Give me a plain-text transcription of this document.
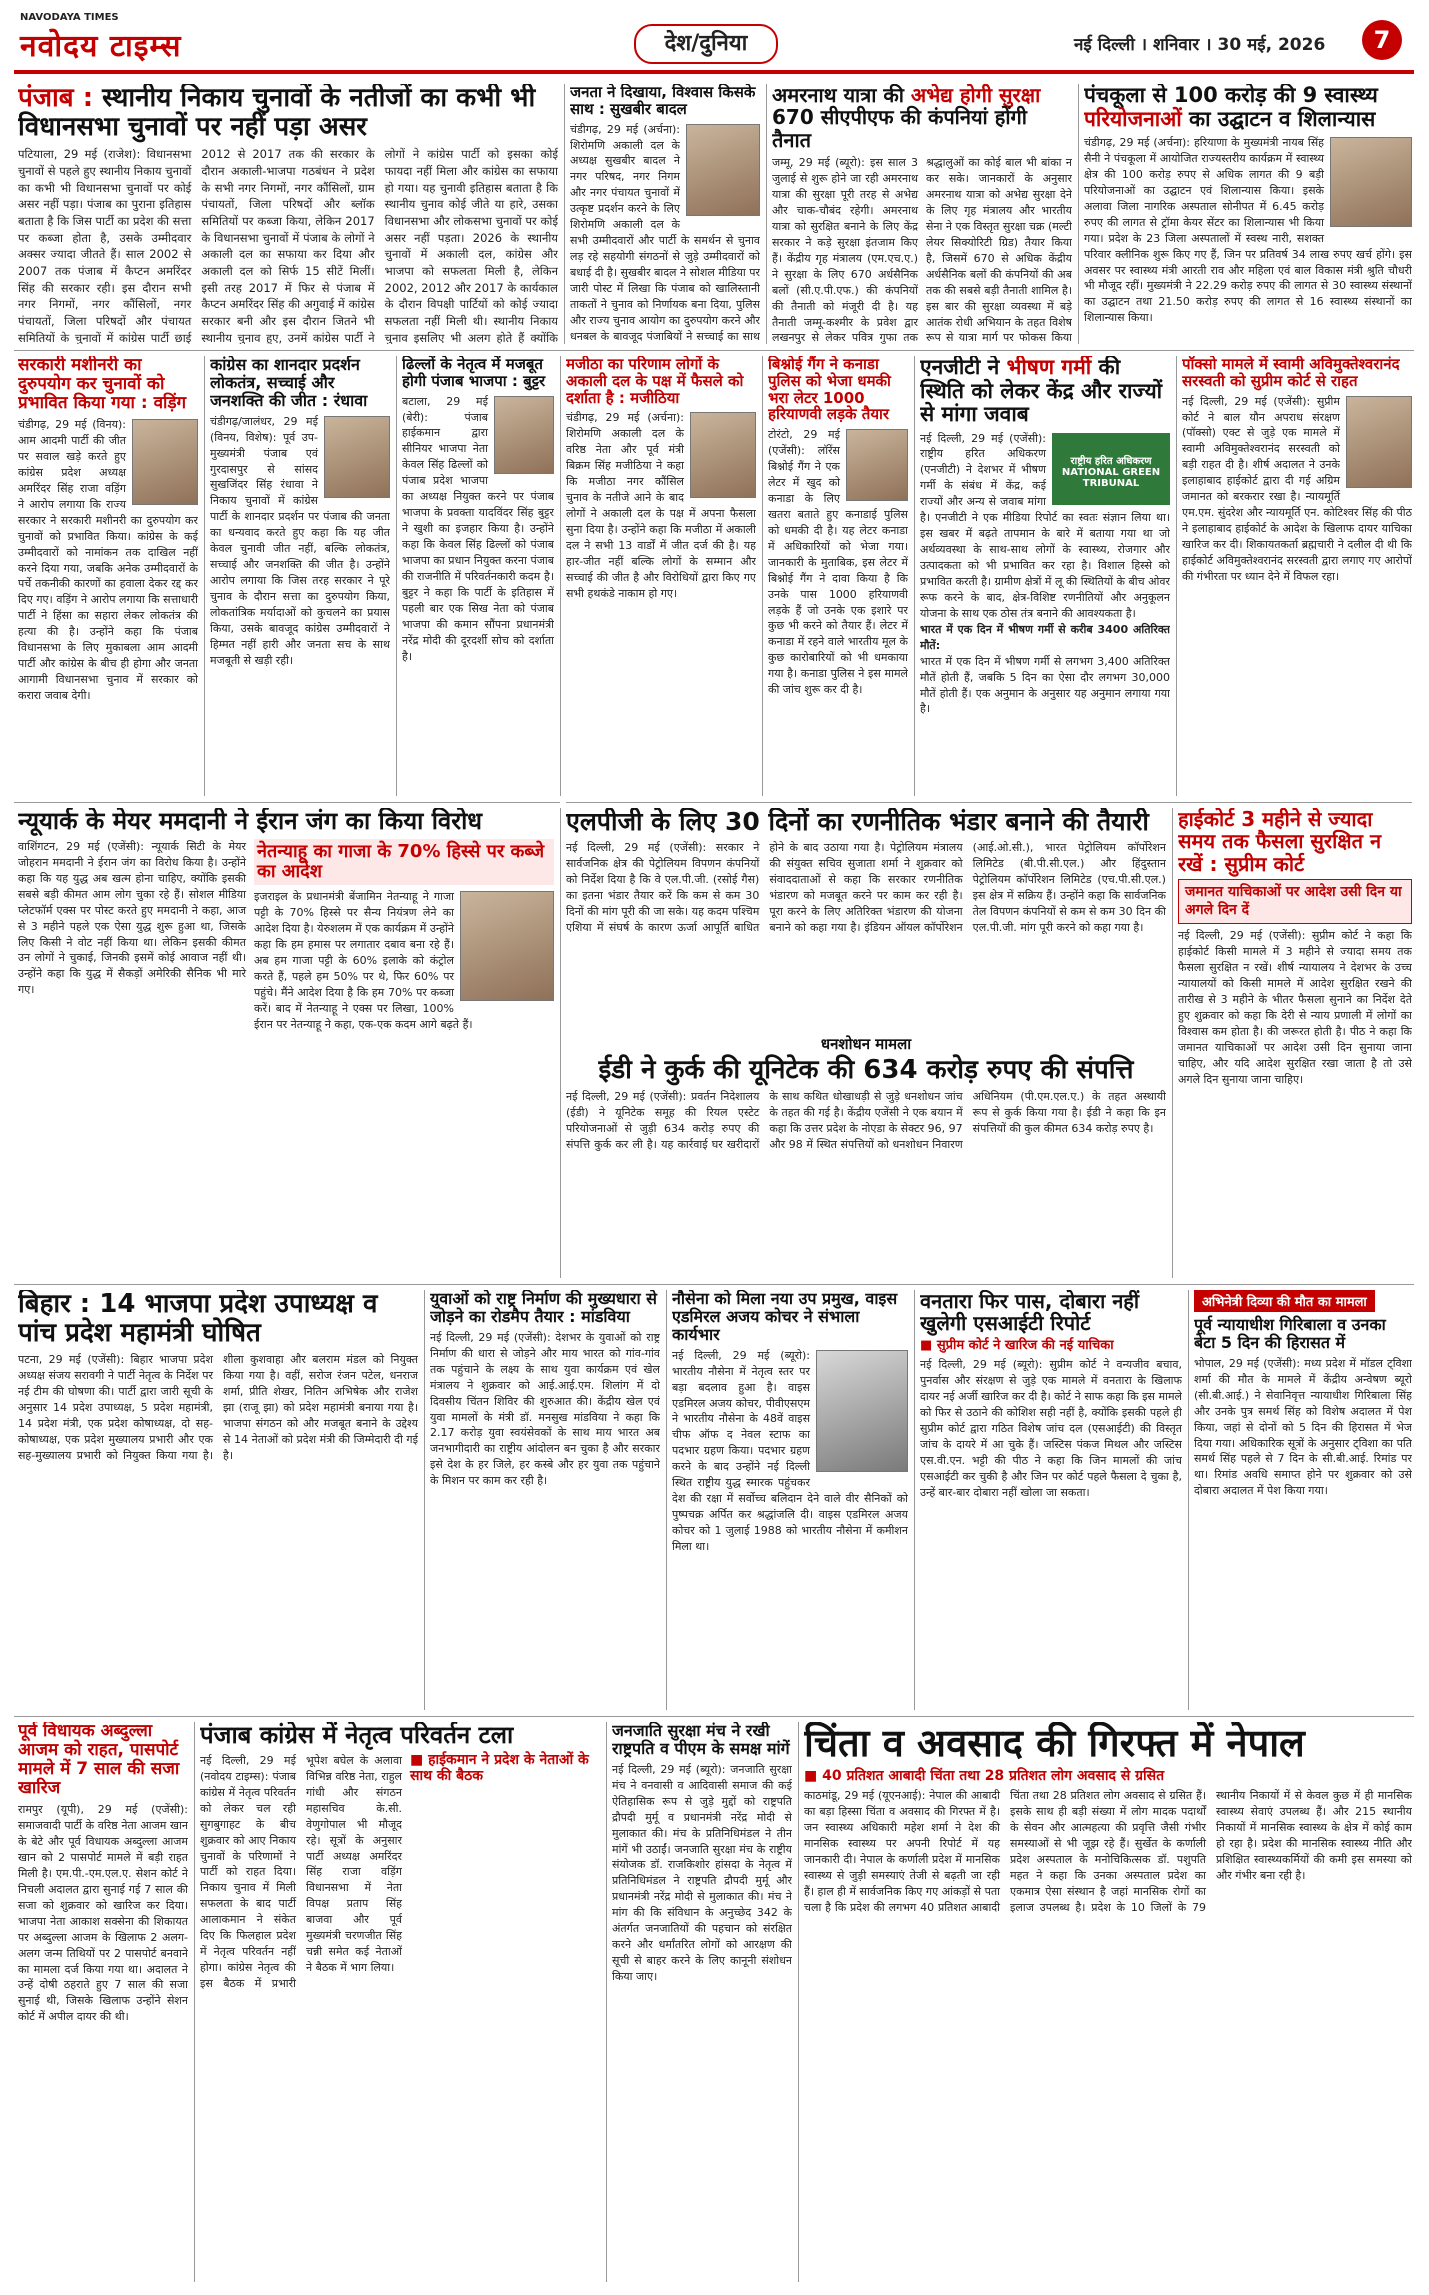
NAVODAYA TIMES
नवोदय टाइम्स	देश/दुनिया	नई दिल्ली । शनिवार । 30 मई, 2026	7
पंजाब : स्थानीय निकाय चुनावों के नतीजों का कभी भी विधानसभा चुनावों पर नहीं पड़ा असर
पटियाला, 29 मई (राजेश): विधानसभा चुनावों से पहले हुए स्थानीय निकाय चुनावों का कभी भी विधानसभा चुनावों पर कोई असर नहीं पड़ा। पंजाब का पुराना इतिहास बताता है कि जिस पार्टी का प्रदेश की सत्ता पर कब्जा होता है, उसके उम्मीदवार अक्सर ज्यादा जीतते हैं। साल 2002 से 2007 तक पंजाब में कैप्टन अमरिंदर सिंह की सरकार रही। इस दौरान सभी नगर निगमों, नगर कौंसिलों, नगर पंचायतों, जिला परिषदों और पंचायत समितियों के चुनावों में कांग्रेस पार्टी छाई 2012 से 2017 तक की सरकार के दौरान अकाली-भाजपा गठबंधन ने प्रदेश के सभी नगर निगमों, नगर कौंसिलों, ग्राम पंचायतों, जिला परिषदों और ब्लॉक समितियों पर कब्जा किया, लेकिन 2017 के विधानसभा चुनावों में पंजाब के लोगों ने अकाली दल का सफाया कर दिया और अकाली दल को सिर्फ 15 सीटें मिलीं। इसी तरह 2017 में फिर से पंजाब में कैप्टन अमरिंदर सिंह की अगुवाई में कांग्रेस सरकार बनी और इस दौरान जितने भी स्थानीय चुनाव हुए, उनमें कांग्रेस पार्टी ने लोगों ने कांग्रेस पार्टी को इसका कोई फायदा नहीं मिला और कांग्रेस का सफाया हो गया। यह चुनावी इतिहास बताता है कि स्थानीय चुनाव कोई जीते या हारे, उसका विधानसभा और लोकसभा चुनावों पर कोई असर नहीं पड़ता। 2026 के स्थानीय चुनावों में अकाली दल, कांग्रेस और भाजपा को सफलता मिली है, लेकिन 2002, 2012 और 2017 के कार्यकाल के दौरान विपक्षी पार्टियों को कोई ज्यादा सफलता नहीं मिली थी। स्थानीय निकाय चुनाव इसलिए भी अलग होते हैं क्योंकि
जनता ने दिखाया, विश्वास किसके साथ : सुखबीर बादल
चंडीगढ़, 29 मई (अर्चना): शिरोमणि अकाली दल के अध्यक्ष सुखबीर बादल ने नगर परिषद, नगर निगम और नगर पंचायत चुनावों में उत्कृष्ट प्रदर्शन करने के लिए शिरोमणि अकाली दल के सभी उम्मीदवारों और पार्टी के समर्थन से चुनाव लड़ रहे सहयोगी संगठनों से जुड़े उम्मीदवारों को बधाई दी है। सुखबीर बादल ने सोशल मीडिया पर जारी पोस्ट में लिखा कि पंजाब को खालिस्तानी ताकतों ने चुनाव को निर्णायक बना दिया, पुलिस और राज्य चुनाव आयोग का दुरुपयोग करने और धनबल के बावजूद पंजाबियों ने सच्चाई का साथ
अमरनाथ यात्रा की अभेद्य होगी सुरक्षा 670 सीएपीएफ की कंपनियां होंगी तैनात
जम्मू, 29 मई (ब्यूरो): इस साल 3 जुलाई से शुरू होने जा रही अमरनाथ यात्रा की सुरक्षा पूरी तरह से अभेद्य और चाक-चौबंद रहेगी। अमरनाथ यात्रा को सुरक्षित बनाने के लिए केंद्र सरकार ने कड़े सुरक्षा इंतजाम किए हैं। केंद्रीय गृह मंत्रालय (एम.एच.ए.) ने सुरक्षा के लिए 670 अर्धसैनिक बलों (सी.ए.पी.एफ.) की कंपनियों की तैनाती को मंजूरी दी है। यह तैनाती जम्मू-कश्मीर के प्रवेश द्वार लखनपुर से लेकर पवित्र गुफा तक श्रद्धालुओं का कोई बाल भी बांका न कर सके। जानकारों के अनुसार अमरनाथ यात्रा को अभेद्य सुरक्षा देने के लिए गृह मंत्रालय और भारतीय सेना ने एक विस्तृत सुरक्षा चक्र (मल्टी लेयर सिक्योरिटी ग्रिड) तैयार किया है, जिसमें 670 से अधिक केंद्रीय अर्धसैनिक बलों की कंपनियों की अब तक की सबसे बड़ी तैनाती शामिल है। इस बार की सुरक्षा व्यवस्था में बड़े आतंक रोधी अभियान के तहत विशेष रूप से यात्रा मार्ग पर फोकस किया
पंचकूला से 100 करोड़ की 9 स्वास्थ्य परियोजनाओं का उद्घाटन व शिलान्यास
चंडीगढ़, 29 मई (अर्चना): हरियाणा के मुख्यमंत्री नायब सिंह सैनी ने पंचकूला में आयोजित राज्यस्तरीय कार्यक्रम में स्वास्थ्य क्षेत्र की 100 करोड़ रुपए से अधिक लागत की 9 बड़ी परियोजनाओं का उद्घाटन एवं शिलान्यास किया। इसके अलावा जिला नागरिक अस्पताल सोनीपत में 6.45 करोड़ रुपए की लागत से ट्रॉमा केयर सेंटर का शिलान्यास भी किया गया। प्रदेश के 23 जिला अस्पतालों में स्वस्थ नारी, सशक्त परिवार क्लीनिक शुरू किए गए हैं, जिन पर प्रतिवर्ष 34 लाख रुपए खर्च होंगे। इस अवसर पर स्वास्थ्य मंत्री आरती राव और महिला एवं बाल विकास मंत्री श्रुति चौधरी भी मौजूद रहीं। मुख्यमंत्री ने 22.29 करोड़ रुपए की लागत से 30 स्वास्थ्य संस्थानों का उद्घाटन तथा 21.50 करोड़ रुपए की लागत से 16 स्वास्थ्य संस्थानों का शिलान्यास किया।
सरकारी मशीनरी का दुरुपयोग कर चुनावों को प्रभावित किया गया : वड़िंग
चंडीगढ़, 29 मई (विनय): आम आदमी पार्टी की जीत पर सवाल खड़े करते हुए कांग्रेस प्रदेश अध्यक्ष अमरिंदर सिंह राजा वड़िंग ने आरोप लगाया कि राज्य सरकार ने सरकारी मशीनरी का दुरुपयोग कर चुनावों को प्रभावित किया। कांग्रेस के कई उम्मीदवारों को नामांकन तक दाखिल नहीं करने दिया गया, जबकि अनेक उम्मीदवारों के पर्चे तकनीकी कारणों का हवाला देकर रद्द कर दिए गए। वड़िंग ने आरोप लगाया कि सत्ताधारी पार्टी ने हिंसा का सहारा लेकर लोकतंत्र की हत्या की है। उन्होंने कहा कि पंजाब विधानसभा के लिए मुकाबला आम आदमी पार्टी और कांग्रेस के बीच ही होगा और जनता आगामी विधानसभा चुनाव में सरकार को करारा जवाब देगी।
कांग्रेस का शानदार प्रदर्शन लोकतंत्र, सच्चाई और जनशक्ति की जीत : रंधावा
चंडीगढ़/जालंधर, 29 मई (विनय, विशेष): पूर्व उप-मुख्यमंत्री पंजाब एवं गुरदासपुर से सांसद सुखजिंदर सिंह रंधावा ने निकाय चुनावों में कांग्रेस पार्टी के शानदार प्रदर्शन पर पंजाब की जनता का धन्यवाद करते हुए कहा कि यह जीत केवल चुनावी जीत नहीं, बल्कि लोकतंत्र, सच्चाई और जनशक्ति की जीत है। उन्होंने आरोप लगाया कि जिस तरह सरकार ने पूरे चुनाव के दौरान सत्ता का दुरुपयोग किया, लोकतांत्रिक मर्यादाओं को कुचलने का प्रयास किया, उसके बावजूद कांग्रेस उम्मीदवारों ने हिम्मत नहीं हारी और जनता सच के साथ मजबूती से खड़ी रही।
ढिल्लों के नेतृत्व में मजबूत होगी पंजाब भाजपा : बुट्टर
बटाला, 29 मई (बेरी): पंजाब हाईकमान द्वारा सीनियर भाजपा नेता केवल सिंह ढिल्लों को पंजाब प्रदेश भाजपा का अध्यक्ष नियुक्त करने पर पंजाब भाजपा के प्रवक्ता यादविंदर सिंह बुट्टर ने खुशी का इजहार किया है। उन्होंने कहा कि केवल सिंह ढिल्लों को पंजाब भाजपा का प्रधान नियुक्त करना पंजाब की राजनीति में परिवर्तनकारी कदम है। बुट्टर ने कहा कि पार्टी के इतिहास में पहली बार एक सिख नेता को पंजाब भाजपा की कमान सौंपना प्रधानमंत्री नरेंद्र मोदी की दूरदर्शी सोच को दर्शाता है।
मजीठा का परिणाम लोगों के अकाली दल के पक्ष में फैसले को दर्शाता है : मजीठिया
चंडीगढ़, 29 मई (अर्चना): शिरोमणि अकाली दल के वरिष्ठ नेता और पूर्व मंत्री बिक्रम सिंह मजीठिया ने कहा कि मजीठा नगर कौंसिल चुनाव के नतीजे आने के बाद लोगों ने अकाली दल के पक्ष में अपना फैसला सुना दिया है। उन्होंने कहा कि मजीठा में अकाली दल ने सभी 13 वार्डों में जीत दर्ज की है। यह हार-जीत नहीं बल्कि लोगों के सम्मान और सच्चाई की जीत है और विरोधियों द्वारा किए गए सभी हथकंडे नाकाम हो गए।
बिश्नोई गैंग ने कनाडा पुलिस को भेजा धमकी भरा लेटर 1000 हरियाणवी लड़के तैयार
टोरंटो, 29 मई (एजेंसी): लॉरेंस बिश्नोई गैंग ने एक लेटर में खुद को कनाडा के लिए खतरा बताते हुए कनाडाई पुलिस को धमकी दी है। यह लेटर कनाडा में अधिकारियों को भेजा गया। जानकारी के मुताबिक, इस लेटर में बिश्नोई गैंग ने दावा किया है कि उनके पास 1000 हरियाणवी लड़के हैं जो उनके एक इशारे पर कुछ भी करने को तैयार हैं। लेटर में कनाडा में रहने वाले भारतीय मूल के कुछ कारोबारियों को भी धमकाया गया है। कनाडा पुलिस ने इस मामले की जांच शुरू कर दी है।
एनजीटी ने भीषण गर्मी की स्थिति को लेकर केंद्र और राज्यों से मांगा जवाब
राष्ट्रीय हरित अधिकरण NATIONAL GREEN TRIBUNAL
नई दिल्ली, 29 मई (एजेंसी): राष्ट्रीय हरित अधिकरण (एनजीटी) ने देशभर में भीषण गर्मी के संबंध में केंद्र, कई राज्यों और अन्य से जवाब मांगा है। एनजीटी ने एक मीडिया रिपोर्ट का स्वतः संज्ञान लिया था। इस खबर में बढ़ते तापमान के बारे में बताया गया था जो अर्थव्यवस्था के साथ-साथ लोगों के स्वास्थ्य, रोजगार और उत्पादकता को भी प्रभावित कर रहा है। विशाल हिस्से को प्रभावित करती है। ग्रामीण क्षेत्रों में लू की स्थितियों के बीच ओवर रूफ करने के बाद, क्षेत्र-विशिष्ट रणनीतियों और अनुकूलन योजना के साथ एक ठोस तंत्र बनाने की आवश्यकता है।
भारत में एक दिन में भीषण गर्मी से करीब 3400 अतिरिक्त मौतें:
भारत में एक दिन में भीषण गर्मी से लगभग 3,400 अतिरिक्त मौतें होती हैं, जबकि 5 दिन का ऐसा दौर लगभग 30,000 मौतें होती हैं। एक अनुमान के अनुसार यह अनुमान लगाया गया है।
पॉक्सो मामले में स्वामी अविमुक्तेश्वरानंद सरस्वती को सुप्रीम कोर्ट से राहत
नई दिल्ली, 29 मई (एजेंसी): सुप्रीम कोर्ट ने बाल यौन अपराध संरक्षण (पॉक्सो) एक्ट से जुड़े एक मामले में स्वामी अविमुक्तेश्वरानंद सरस्वती को बड़ी राहत दी है। शीर्ष अदालत ने उनके इलाहाबाद हाईकोर्ट द्वारा दी गई अग्रिम जमानत को बरकरार रखा है। न्यायमूर्ति एम.एम. सुंदरेश और न्यायमूर्ति एन. कोटिश्वर सिंह की पीठ ने इलाहाबाद हाईकोर्ट के आदेश के खिलाफ दायर याचिका खारिज कर दी। शिकायतकर्ता ब्रह्मचारी ने दलील दी थी कि हाईकोर्ट अविमुक्तेश्वरानंद सरस्वती द्वारा लगाए गए आरोपों की गंभीरता पर ध्यान देने में विफल रहा।
एलपीजी के लिए 30 दिनों का रणनीतिक भंडार बनाने की तैयारी
नई दिल्ली, 29 मई (एजेंसी): सरकार ने सार्वजनिक क्षेत्र की पेट्रोलियम विपणन कंपनियों को निर्देश दिया है कि वे एल.पी.जी. (रसोई गैस) का इतना भंडार तैयार करें कि कम से कम 30 दिनों की मांग पूरी की जा सके। यह कदम पश्चिम एशिया में संघर्ष के कारण ऊर्जा आपूर्ति बाधित होने के बाद उठाया गया है। पेट्रोलियम मंत्रालय की संयुक्त सचिव सुजाता शर्मा ने शुक्रवार को संवाददाताओं से कहा कि सरकार रणनीतिक भंडारण को मजबूत करने पर काम कर रही है। पूरा करने के लिए अतिरिक्त भंडारण की योजना बनाने को कहा गया है। इंडियन ऑयल कॉर्पोरेशन (आई.ओ.सी.), भारत पेट्रोलियम कॉर्पोरेशन लिमिटेड (बी.पी.सी.एल.) और हिंदुस्तान पेट्रोलियम कॉर्पोरेशन लिमिटेड (एच.पी.सी.एल.) इस क्षेत्र में सक्रिय हैं। उन्होंने कहा कि सार्वजनिक तेल विपणन कंपनियों से कम से कम 30 दिन की एल.पी.जी. मांग पूरी करने को कहा गया है।
हाईकोर्ट 3 महीने से ज्यादा समय तक फैसला सुरक्षित न रखें : सुप्रीम कोर्ट
जमानत याचिकाओं पर आदेश उसी दिन या अगले दिन दें
नई दिल्ली, 29 मई (एजेंसी): सुप्रीम कोर्ट ने कहा कि हाईकोर्ट किसी मामले में 3 महीने से ज्यादा समय तक फैसला सुरक्षित न रखें। शीर्ष न्यायालय ने देशभर के उच्च न्यायालयों को किसी मामले में आदेश सुरक्षित रखने की तारीख से 3 महीने के भीतर फैसला सुनाने का निर्देश देते हुए शुक्रवार को कहा कि देरी से न्याय प्रणाली में लोगों का विश्वास कम होता है। की जरूरत होती है। पीठ ने कहा कि जमानत याचिकाओं पर आदेश उसी दिन सुनाया जाना चाहिए, और यदि आदेश सुरक्षित रखा जाता है तो उसे अगले दिन सुनाया जाना चाहिए।
न्यूयार्क के मेयर ममदानी ने ईरान जंग का किया विरोध
नेतन्याहू का गाजा के 70% हिस्से पर कब्जे का आदेश
इजराइल के प्रधानमंत्री बेंजामिन नेतन्याहू ने गाजा पट्टी के 70% हिस्से पर सैन्य नियंत्रण लेने का आदेश दिया है। येरुशलम में एक कार्यक्रम में उन्होंने कहा कि हम हमास पर लगातार दबाव बना रहे हैं। अब हम गाजा पट्टी के 60% इलाके को कंट्रोल करते हैं, पहले हम 50% पर थे, फिर 60% पर पहुंचे। मैंने आदेश दिया है कि हम 70% पर कब्जा करें। बाद में नेतन्याहू ने एक्स पर लिखा, 100% ईरान पर नेतन्याहू ने कहा, एक-एक कदम आगे बढ़ते हैं।
वाशिंगटन, 29 मई (एजेंसी): न्यूयार्क सिटी के मेयर जोहरान ममदानी ने ईरान जंग का विरोध किया है। उन्होंने कहा कि यह युद्ध अब खत्म होना चाहिए, क्योंकि इसकी सबसे बड़ी कीमत आम लोग चुका रहे हैं। सोशल मीडिया प्लेटफॉर्म एक्स पर पोस्ट करते हुए ममदानी ने कहा, आज से 3 महीने पहले एक ऐसा युद्ध शुरू हुआ था, जिसके लिए किसी ने वोट नहीं किया था। लेकिन इसकी कीमत उन लोगों ने चुकाई, जिनकी इसमें कोई आवाज नहीं थी। उन्होंने कहा कि युद्ध में सैकड़ों अमेरिकी सैनिक भी मारे गए।
धनशोधन मामला
ईडी ने कुर्क की यूनिटेक की 634 करोड़ रुपए की संपत्ति
नई दिल्ली, 29 मई (एजेंसी): प्रवर्तन निदेशालय (ईडी) ने यूनिटेक समूह की रियल एस्टेट परियोजनाओं से जुड़ी 634 करोड़ रुपए की संपत्ति कुर्क कर ली है। यह कार्रवाई घर खरीदारों के साथ कथित धोखाधड़ी से जुड़े धनशोधन जांच के तहत की गई है। केंद्रीय एजेंसी ने एक बयान में कहा कि उत्तर प्रदेश के नोएडा के सेक्टर 96, 97 और 98 में स्थित संपत्तियों को धनशोधन निवारण अधिनियम (पी.एम.एल.ए.) के तहत अस्थायी रूप से कुर्क किया गया है। ईडी ने कहा कि इन संपत्तियों की कुल कीमत 634 करोड़ रुपए है।
बिहार : 14 भाजपा प्रदेश उपाध्यक्ष व पांच प्रदेश महामंत्री घोषित
पटना, 29 मई (एजेंसी): बिहार भाजपा प्रदेश अध्यक्ष संजय सरावगी ने पार्टी नेतृत्व के निर्देश पर नई टीम की घोषणा की। पार्टी द्वारा जारी सूची के अनुसार 14 प्रदेश उपाध्यक्ष, 5 प्रदेश महामंत्री, 14 प्रदेश मंत्री, एक प्रदेश कोषाध्यक्ष, दो सह-कोषाध्यक्ष, एक प्रदेश मुख्यालय प्रभारी और एक सह-मुख्यालय प्रभारी को नियुक्त किया गया है। शीला कुशवाहा और बलराम मंडल को नियुक्त किया गया है। वहीं, सरोज रंजन पटेल, धनराज शर्मा, प्रीति शेखर, नितिन अभिषेक और राजेश झा (राजू झा) को प्रदेश महामंत्री बनाया गया है। भाजपा संगठन को और मजबूत बनाने के उद्देश्य से 14 नेताओं को प्रदेश मंत्री की जिम्मेदारी दी गई है।
युवाओं को राष्ट्र निर्माण की मुख्यधारा से जोड़ने का रोडमैप तैयार : मांडविया
नई दिल्ली, 29 मई (एजेंसी): देशभर के युवाओं को राष्ट्र निर्माण की धारा से जोड़ने और माय भारत को गांव-गांव तक पहुंचाने के लक्ष्य के साथ युवा कार्यक्रम एवं खेल मंत्रालय ने शुक्रवार को आई.आई.एम. शिलांग में दो दिवसीय चिंतन शिविर की शुरुआत की। केंद्रीय खेल एवं युवा मामलों के मंत्री डॉ. मनसुख मांडविया ने कहा कि 2.17 करोड़ युवा स्वयंसेवकों के साथ माय भारत अब जनभागीदारी का राष्ट्रीय आंदोलन बन चुका है और सरकार इसे देश के हर जिले, हर कस्बे और हर युवा तक पहुंचाने के मिशन पर काम कर रही है।
नौसेना को मिला नया उप प्रमुख, वाइस एडमिरल अजय कोचर ने संभाला कार्यभार
नई दिल्ली, 29 मई (ब्यूरो): भारतीय नौसेना में नेतृत्व स्तर पर बड़ा बदलाव हुआ है। वाइस एडमिरल अजय कोचर, पीवीएसएम ने भारतीय नौसेना के 48वें वाइस चीफ ऑफ द नेवल स्टाफ का पदभार ग्रहण किया। पदभार ग्रहण करने के बाद उन्होंने नई दिल्ली स्थित राष्ट्रीय युद्ध स्मारक पहुंचकर देश की रक्षा में सर्वोच्च बलिदान देने वाले वीर सैनिकों को पुष्पचक्र अर्पित कर श्रद्धांजलि दी। वाइस एडमिरल अजय कोचर को 1 जुलाई 1988 को भारतीय नौसेना में कमीशन मिला था।
वनतारा फिर पास, दोबारा नहीं खुलेगी एसआईटी रिपोर्ट
■ सुप्रीम कोर्ट ने खारिज की नई याचिका
नई दिल्ली, 29 मई (ब्यूरो): सुप्रीम कोर्ट ने वन्यजीव बचाव, पुनर्वास और संरक्षण से जुड़े एक मामले में वनतारा के खिलाफ दायर नई अर्जी खारिज कर दी है। कोर्ट ने साफ कहा कि इस मामले को फिर से उठाने की कोशिश सही नहीं है, क्योंकि इसकी पहले ही सुप्रीम कोर्ट द्वारा गठित विशेष जांच दल (एसआईटी) की विस्तृत जांच के दायरे में आ चुके हैं। जस्टिस पंकज मिथल और जस्टिस एस.वी.एन. भट्टी की पीठ ने कहा कि जिन मामलों की जांच एसआईटी कर चुकी है और जिन पर कोर्ट पहले फैसला दे चुका है, उन्हें बार-बार दोबारा नहीं खोला जा सकता।
अभिनेत्री दिव्या की मौत का मामला
पूर्व न्यायाधीश गिरिबाला व उनका बेटा 5 दिन की हिरासत में
भोपाल, 29 मई (एजेंसी): मध्य प्रदेश में मॉडल ट्विशा शर्मा की मौत के मामले में केंद्रीय अन्वेषण ब्यूरो (सी.बी.आई.) ने सेवानिवृत्त न्यायाधीश गिरिबाला सिंह और उनके पुत्र समर्थ सिंह को विशेष अदालत में पेश किया, जहां से दोनों को 5 दिन की हिरासत में भेज दिया गया। अधिकारिक सूत्रों के अनुसार ट्विशा का पति समर्थ सिंह पहले से 7 दिन के सी.बी.आई. रिमांड पर था। रिमांड अवधि समाप्त होने पर शुक्रवार को उसे दोबारा अदालत में पेश किया गया।
पूर्व विधायक अब्दुल्ला आजम को राहत, पासपोर्ट मामले में 7 साल की सजा खारिज
रामपुर (यूपी), 29 मई (एजेंसी): समाजवादी पार्टी के वरिष्ठ नेता आजम खान के बेटे और पूर्व विधायक अब्दुल्ला आजम खान को 2 पासपोर्ट मामले में बड़ी राहत मिली है। एम.पी.-एम.एल.ए. सेशन कोर्ट ने निचली अदालत द्वारा सुनाई गई 7 साल की सजा को शुक्रवार को खारिज कर दिया। भाजपा नेता आकाश सक्सेना की शिकायत पर अब्दुल्ला आजम के खिलाफ 2 अलग-अलग जन्म तिथियों पर 2 पासपोर्ट बनवाने का मामला दर्ज किया गया था। अदालत ने उन्हें दोषी ठहराते हुए 7 साल की सजा सुनाई थी, जिसके खिलाफ उन्होंने सेशन कोर्ट में अपील दायर की थी।
पंजाब कांग्रेस में नेतृत्व परिवर्तन टला
■ हाईकमान ने प्रदेश के नेताओं के साथ की बैठक
नई दिल्ली, 29 मई (नवोदय टाइम्स): पंजाब कांग्रेस में नेतृत्व परिवर्तन को लेकर चल रही सुगबुगाहट के बीच शुक्रवार को आए निकाय चुनावों के परिणामों ने पार्टी को राहत दिया। निकाय चुनाव में मिली सफलता के बाद पार्टी आलाकमान ने संकेत दिए कि फिलहाल प्रदेश में नेतृत्व परिवर्तन नहीं होगा। कांग्रेस नेतृत्व की इस बैठक में प्रभारी भूपेश बघेल के अलावा विभिन्न वरिष्ठ नेता, राहुल गांधी और संगठन महासचिव के.सी. वेणुगोपाल भी मौजूद रहे। सूत्रों के अनुसार पार्टी अध्यक्ष अमरिंदर सिंह राजा वड़िंग विधानसभा में नेता विपक्ष प्रताप सिंह बाजवा और पूर्व मुख्यमंत्री चरणजीत सिंह चन्नी समेत कई नेताओं ने बैठक में भाग लिया।
जनजाति सुरक्षा मंच ने रखी राष्ट्रपति व पीएम के समक्ष मांगें
नई दिल्ली, 29 मई (ब्यूरो): जनजाति सुरक्षा मंच ने वनवासी व आदिवासी समाज की कई ऐतिहासिक रूप से जुड़े मुद्दों को राष्ट्रपति द्रौपदी मुर्मू व प्रधानमंत्री नरेंद्र मोदी से मुलाकात की। मंच के प्रतिनिधिमंडल ने तीन मांगें भी उठाईं। जनजाति सुरक्षा मंच के राष्ट्रीय संयोजक डॉ. राजकिशोर हांसदा के नेतृत्व में प्रतिनिधिमंडल ने राष्ट्रपति द्रौपदी मुर्मू और प्रधानमंत्री नरेंद्र मोदी से मुलाकात की। मंच ने मांग की कि संविधान के अनुच्छेद 342 के अंतर्गत जनजातियों की पहचान को संरक्षित करने और धर्मांतरित लोगों को आरक्षण की सूची से बाहर करने के लिए कानूनी संशोधन किया जाए।
चिंता व अवसाद की गिरफ्त में नेपाल
■ 40 प्रतिशत आबादी चिंता तथा 28 प्रतिशत लोग अवसाद से ग्रसित
काठमांडू, 29 मई (यूएनआई): नेपाल की आबादी का बड़ा हिस्सा चिंता व अवसाद की गिरफ्त में है। जन स्वास्थ्य अधिकारी महेश शर्मा ने देश की मानसिक स्वास्थ्य पर अपनी रिपोर्ट में यह जानकारी दी। नेपाल के कर्णाली प्रदेश में मानसिक स्वास्थ्य से जुड़ी समस्याएं तेजी से बढ़ती जा रही हैं। हाल ही में सार्वजनिक किए गए आंकड़ों से पता चला है कि प्रदेश की लगभग 40 प्रतिशत आबादी चिंता तथा 28 प्रतिशत लोग अवसाद से ग्रसित हैं। इसके साथ ही बड़ी संख्या में लोग मादक पदार्थों के सेवन और आत्महत्या की प्रवृत्ति जैसी गंभीर समस्याओं से भी जूझ रहे हैं। सुर्खेत के कर्णाली प्रदेश अस्पताल के मनोचिकित्सक डॉ. पशुपति महत ने कहा कि उनका अस्पताल प्रदेश का एकमात्र ऐसा संस्थान है जहां मानसिक रोगों का इलाज उपलब्ध है। प्रदेश के 10 जिलों के 79 स्थानीय निकायों में से केवल कुछ में ही मानसिक स्वास्थ्य सेवाएं उपलब्ध हैं। और 215 स्थानीय निकायों में मानसिक स्वास्थ्य के क्षेत्र में कोई काम हो रहा है। प्रदेश की मानसिक स्वास्थ्य नीति और प्रशिक्षित स्वास्थ्यकर्मियों की कमी इस समस्या को और गंभीर बना रही है।
